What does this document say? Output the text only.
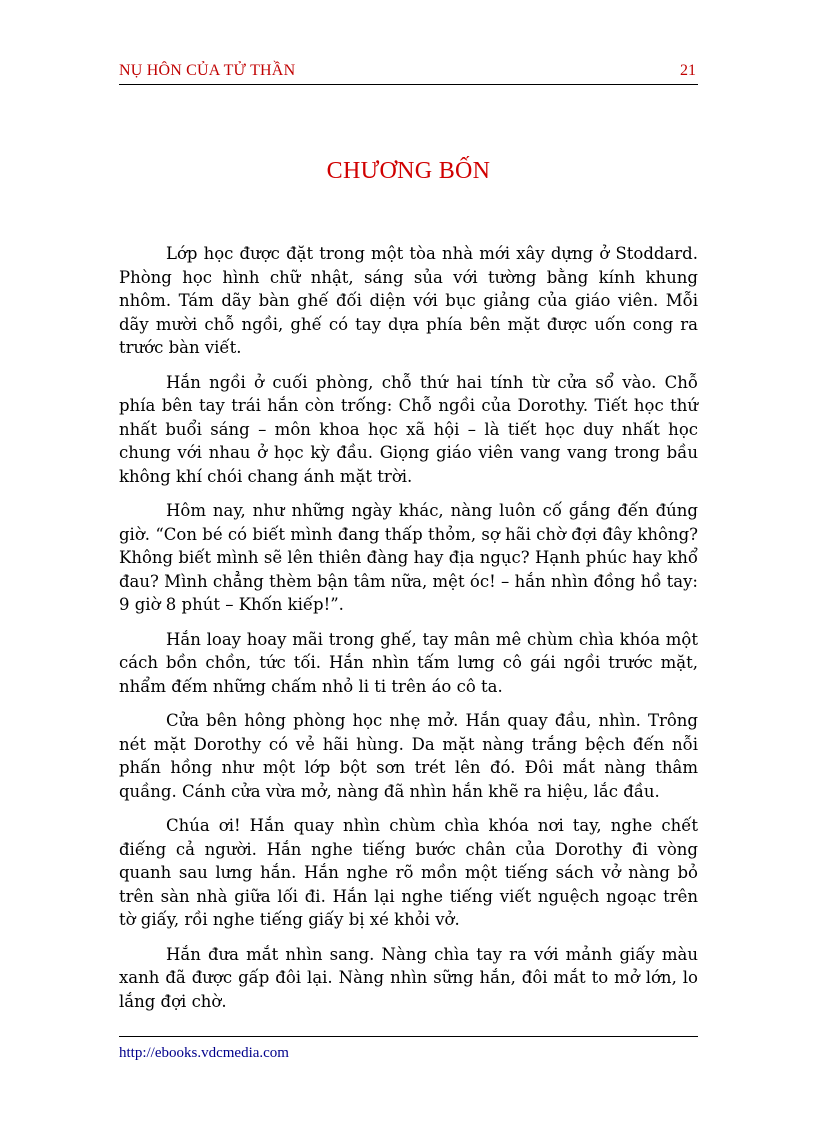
NỤ HÔN CỦA TỬ THẦN	21
CHƯƠNG BỐN

Lớp học được đặt trong một tòa nhà mới xây dựng ở Stoddard. Phòng học hình chữ nhật, sáng sủa với tường bằng kính khung nhôm. Tám dãy bàn ghế đối diện với bục giảng của giáo viên. Mỗi dãy mười chỗ ngồi, ghế có tay dựa phía bên mặt được uốn cong ra trước bàn viết.

Hắn ngồi ở cuối phòng, chỗ thứ hai tính từ cửa sổ vào. Chỗ phía bên tay trái hắn còn trống: Chỗ ngồi của Dorothy. Tiết học thứ nhất buổi sáng – môn khoa học xã hội – là tiết học duy nhất học chung với nhau ở học kỳ đầu. Giọng giáo viên vang vang trong bầu không khí chói chang ánh mặt trời.

Hôm nay, như những ngày khác, nàng luôn cố gắng đến đúng giờ. “Con bé có biết mình đang thấp thỏm, sợ hãi chờ đợi đây không? Không biết mình sẽ lên thiên đàng hay địa ngục? Hạnh phúc hay khổ đau? Mình chẳng thèm bận tâm nữa, mệt óc! – hắn nhìn đồng hồ tay: 9 giờ 8 phút – Khốn kiếp!”.

Hắn loay hoay mãi trong ghế, tay mân mê chùm chìa khóa một cách bồn chồn, tức tối. Hắn nhìn tấm lưng cô gái ngồi trước mặt, nhẩm đếm những chấm nhỏ li ti trên áo cô ta.

Cửa bên hông phòng học nhẹ mở. Hắn quay đầu, nhìn. Trông nét mặt Dorothy có vẻ hãi hùng. Da mặt nàng trắng bệch đến nỗi phấn hồng như một lớp bột sơn trét lên đó. Đôi mắt nàng thâm quầng. Cánh cửa vừa mở, nàng đã nhìn hắn khẽ ra hiệu, lắc đầu.

Chúa ơi! Hắn quay nhìn chùm chìa khóa nơi tay, nghe chết điếng cả người. Hắn nghe tiếng bước chân của Dorothy đi vòng quanh sau lưng hắn. Hắn nghe rõ mồn một tiếng sách vở nàng bỏ trên sàn nhà giữa lối đi. Hắn lại nghe tiếng viết nguệch ngoạc trên tờ giấy, rồi nghe tiếng giấy bị xé khỏi vở.

Hắn đưa mắt nhìn sang. Nàng chìa tay ra với mảnh giấy màu xanh đã được gấp đôi lại. Nàng nhìn sững hắn, đôi mắt to mở lớn, lo lắng đợi chờ.

http://ebooks.vdcmedia.com
